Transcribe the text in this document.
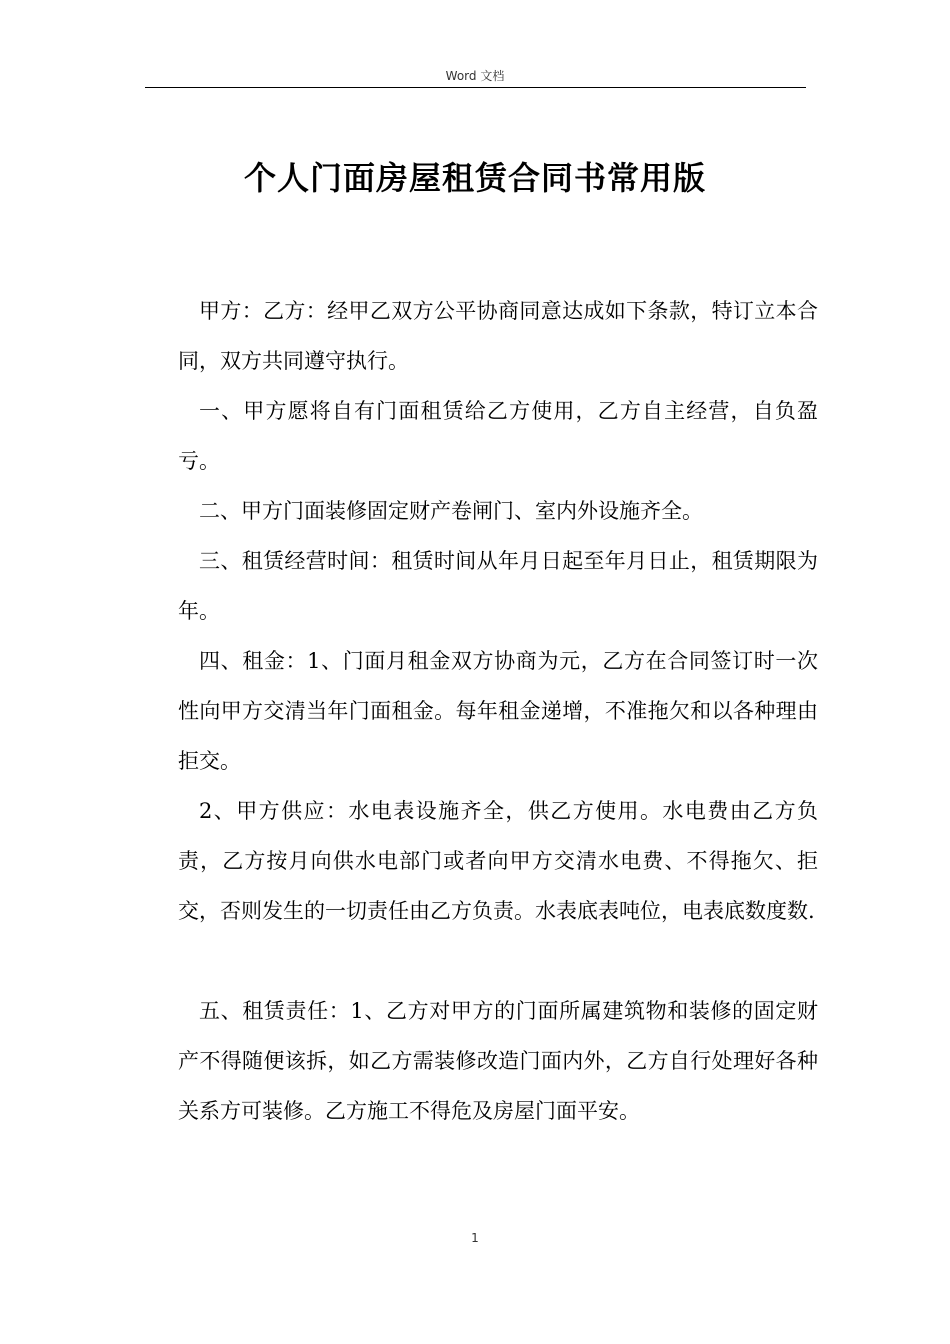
Word 文档
个人门面房屋租赁合同书常用版

甲方：乙方：经甲乙双方公平协商同意达成如下条款，特订立本合同，双方共同遵守执行。

一、甲方愿将自有门面租赁给乙方使用，乙方自主经营，自负盈亏。

二、甲方门面装修固定财产卷闸门、室内外设施齐全。

三、租赁经营时间：租赁时间从年月日起至年月日止，租赁期限为年。

四、租金：1、门面月租金双方协商为元，乙方在合同签订时一次性向甲方交清当年门面租金。每年租金递增，不准拖欠和以各种理由拒交。

2、甲方供应：水电表设施齐全，供乙方使用。水电费由乙方负责，乙方按月向供水电部门或者向甲方交清水电费、不得拖欠、拒交，否则发生的一切责任由乙方负责。水表底表吨位，电表底数度数.

五、租赁责任：1、乙方对甲方的门面所属建筑物和装修的固定财产不得随便该拆，如乙方需装修改造门面内外，乙方自行处理好各种关系方可装修。乙方施工不得危及房屋门面平安。

1
